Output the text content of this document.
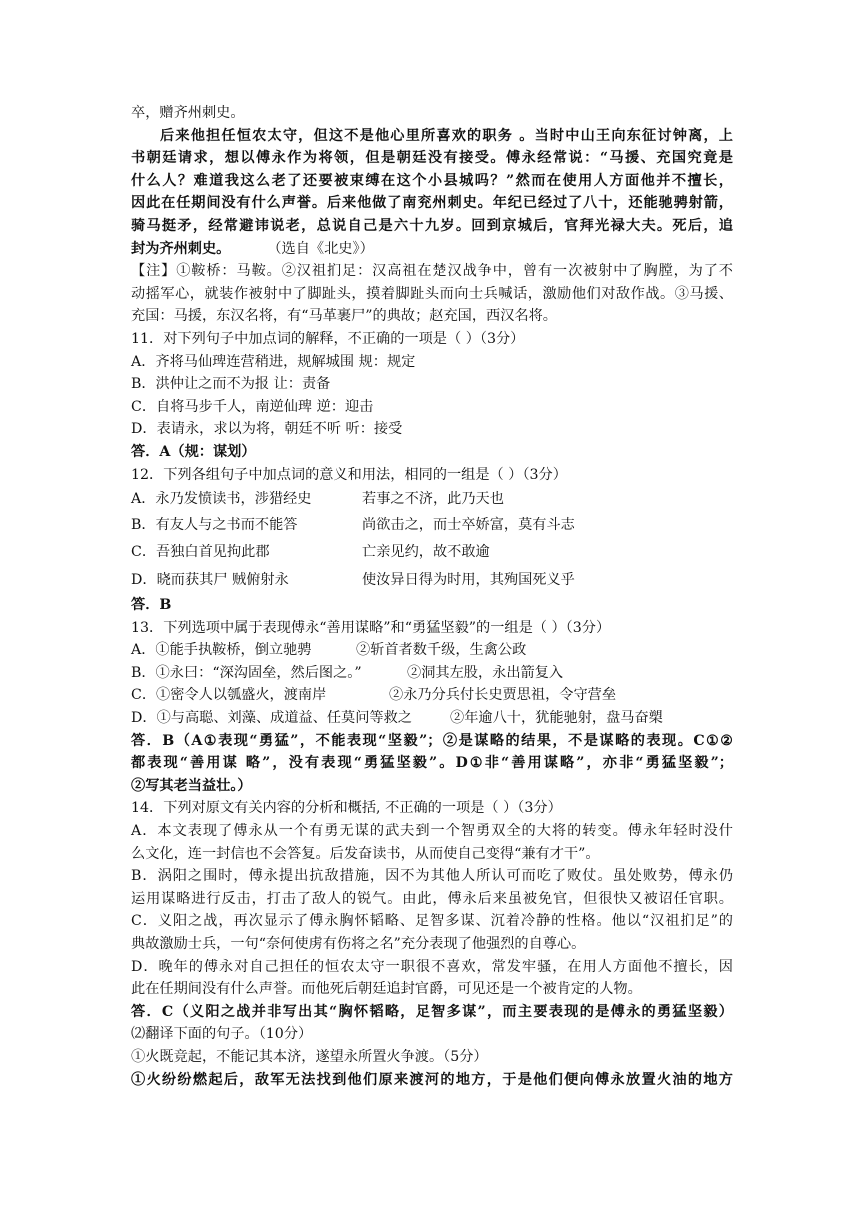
卒，赠齐州刺史。
后来他担任恒农太守，但这不是他心里所喜欢的职务 。当时中山王向东征讨钟离，上
书朝廷请求，想以傅永作为将领，但是朝廷没有接受。傅永经常说：“马援、充国究竟是
什么人？难道我这么老了还要被束缚在这个小县城吗？”然而在使用人方面他并不擅长，
因此在任期间没有什么声誉。后来他做了南兖州刺史。年纪已经过了八十，还能驰骋射箭，
骑马挺矛，经常避讳说老，总说自己是六十九岁。回到京城后，官拜光禄大夫。死后，追
封为齐州刺史。	（选自《北史》）
【注】①鞍桥：马鞍。②汉祖扪足：汉高祖在楚汉战争中，曾有一次被射中了胸膛，为了不
动摇军心，就装作被射中了脚趾头，摸着脚趾头而向士兵喊话，激励他们对敌作战。③马援、
充国：马援，东汉名将，有“马革裹尸”的典故；赵充国，西汉名将。
11．对下列句子中加点词的解释，不正确的一项是（ ）（3分）
A．齐将马仙琕连营稍进，规解城围 规：规定
B．洪仲让之而不为报 让：责备
C．自将马步千人，南逆仙琕 逆：迎击
D．表请永，求以为将，朝廷不听 听：接受
答．A（规：谋划）
12．下列各组句子中加点词的意义和用法，相同的一组是（ ）（3分）
A．永乃发愤读书，涉猎经史	若事之不济，此乃天也
B．有友人与之书而不能答	尚欲击之，而士卒娇富，莫有斗志
C．吾独白首见拘此郡	亡亲见约，故不敢逾
D．晓而获其尸 贼俯射永	使汝异日得为时用，其殉国死义乎
答．B
13．下列选项中属于表现傅永“善用谋略”和“勇猛坚毅”的一组是（ ）（3分）
A．①能手执鞍桥，倒立驰骋	②斩首者数千级，生禽公政
B．①永曰：“深沟固垒，然后图之。”	②洞其左股，永出箭复入
C．①密令人以瓠盛火，渡南岸	②永乃分兵付长史贾思祖，令守营垒
D．①与高聪、刘藻、成道益、任莫问等救之	②年逾八十，犹能驰射，盘马奋槊
答．B（A①表现“勇猛”，不能表现“坚毅”；②是谋略的结果，不是谋略的表现。C①②
都表现“善用谋 略”，没有表现“勇猛坚毅”。D①非“善用谋略”，亦非“勇猛坚毅”；
②写其老当益壮。）
14．下列对原文有关内容的分析和概括, 不正确的一项是（ ）（3分）
A．本文表现了傅永从一个有勇无谋的武夫到一个智勇双全的大将的转变。傅永年轻时没什
么文化，连一封信也不会答复。后发奋读书，从而使自己变得“兼有才干”。
B．涡阳之围时，傅永提出抗敌措施，因不为其他人所认可而吃了败仗。虽处败势，傅永仍
运用谋略进行反击，打击了敌人的锐气。由此，傅永后来虽被免官，但很快又被诏任官职。
C．义阳之战，再次显示了傅永胸怀韬略、足智多谋、沉着冷静的性格。他以“汉祖扪足”的
典故激励士兵，一句“奈何使虏有伤将之名”充分表现了他强烈的自尊心。
D．晚年的傅永对自己担任的恒农太守一职很不喜欢，常发牢骚，在用人方面他不擅长，因
此在任期间没有什么声誉。而他死后朝廷追封官爵，可见还是一个被肯定的人物。
答．C（义阳之战并非写出其“胸怀韬略，足智多谋”，而主要表现的是傅永的勇猛坚毅）
⑵翻译下面的句子。（10分）
①火既竞起，不能记其本济，遂望永所置火争渡。（5分）
①火纷纷燃起后，敌军无法找到他们原来渡河的地方，于是他们便向傅永放置火油的地方
